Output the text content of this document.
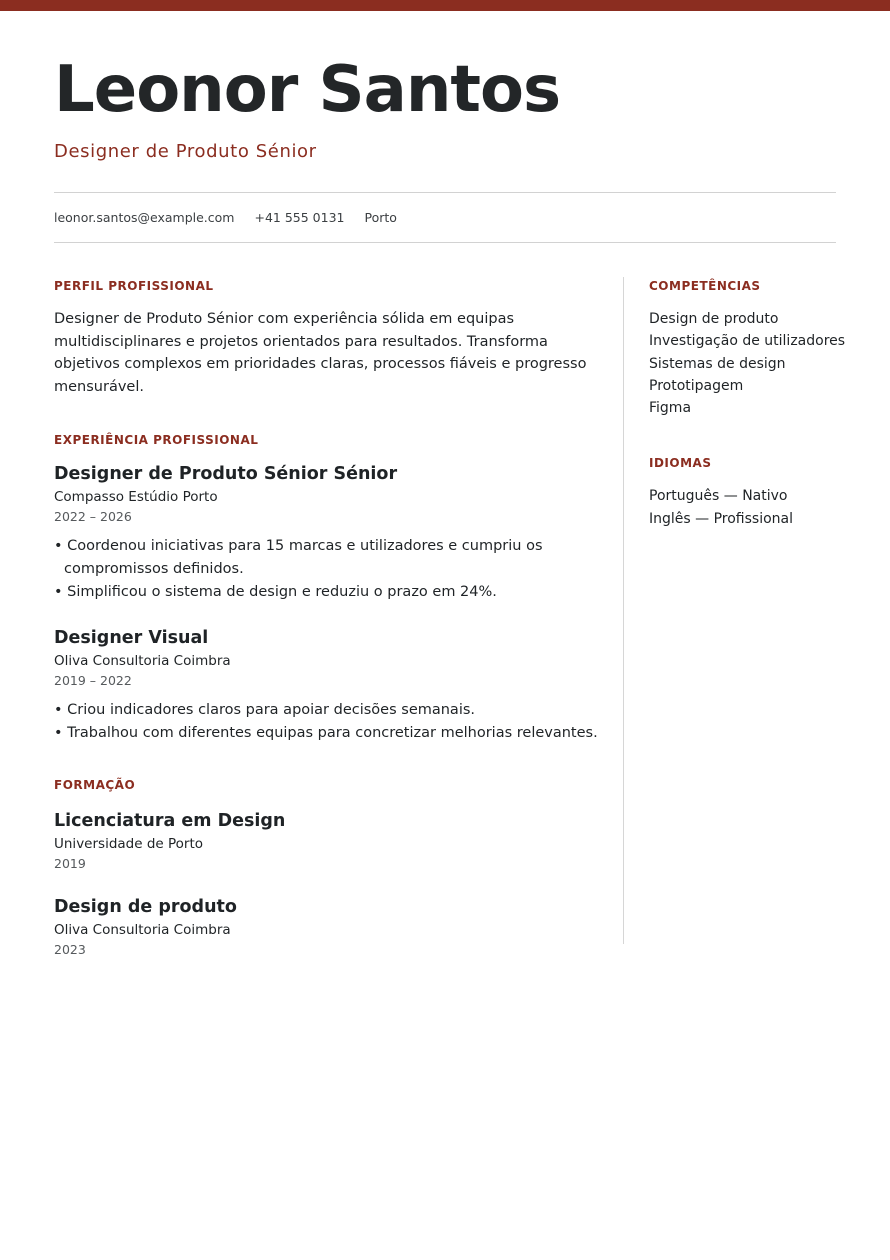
Leonor Santos
Designer de Produto Sénior
leonor.santos@example.com +41 555 0131 Porto
PERFIL PROFISSIONAL

Designer de Produto Sénior com experiência sólida em equipas multidisciplinares e projetos orientados para resultados. Transforma objetivos complexos em prioridades claras, processos fiáveis e progresso mensurável.

EXPERIÊNCIA PROFISSIONAL
Designer de Produto Sénior Sénior
Compasso Estúdio Porto
2022 – 2026
• Coordenou iniciativas para 15 marcas e utilizadores e cumpriu os compromissos definidos.
• Simplificou o sistema de design e reduziu o prazo em 24%.
Designer Visual
Oliva Consultoria Coimbra
2019 – 2022
• Criou indicadores claros para apoiar decisões semanais.
• Trabalhou com diferentes equipas para concretizar melhorias relevantes.
FORMAÇÃO
Licenciatura em Design
Universidade de Porto
2019
Design de produto
Oliva Consultoria Coimbra
2023
COMPETÊNCIAS
Design de produto
Investigação de utilizadores
Sistemas de design
Prototipagem
Figma
IDIOMAS
Português — Nativo
Inglês — Profissional
